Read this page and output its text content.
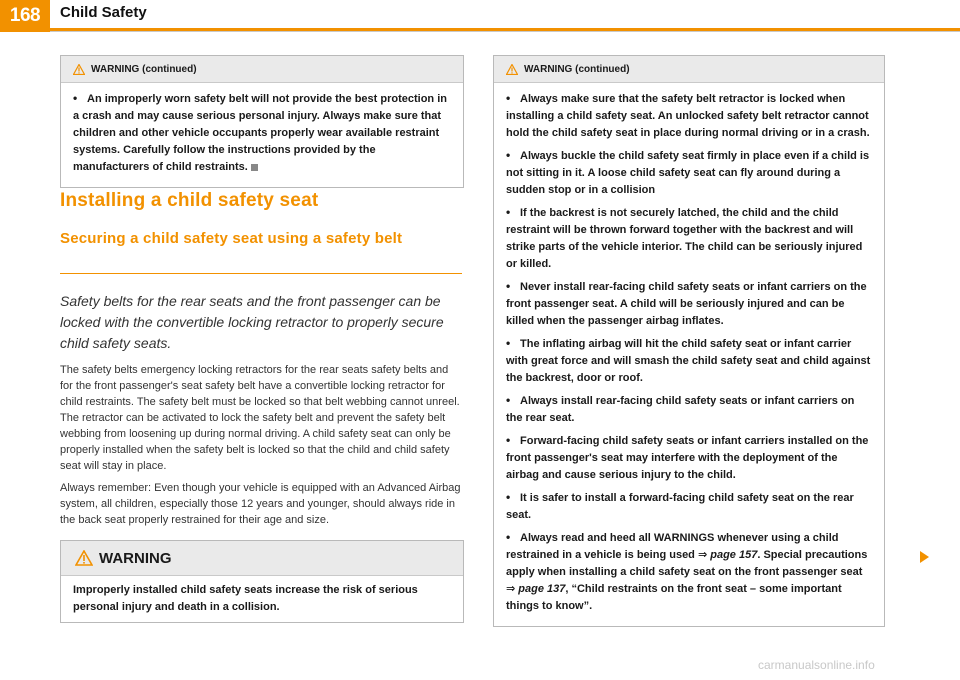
168	Child Safety
WARNING (continued)

• An improperly worn safety belt will not provide the best protection in a crash and may cause serious personal injury. Always make sure that children and other vehicle occupants properly wear available restraint systems. Carefully follow the instructions provided by the manufacturers of child restraints.

Installing a child safety seat
Securing a child safety seat using a safety belt
Safety belts for the rear seats and the front passenger can be locked with the convertible locking retractor to properly secure child safety seats.

The safety belts emergency locking retractors for the rear seats safety belts and for the front passenger's seat safety belt have a convertible locking retractor for child restraints. The safety belt must be locked so that belt webbing cannot unreel. The retractor can be activated to lock the safety belt and prevent the safety belt webbing from loosening up during normal driving. A child safety seat can only be properly installed when the safety belt is locked so that the child and child safety seat will stay in place.

Always remember: Even though your vehicle is equipped with an Advanced Airbag system, all children, especially those 12 years and younger, should always ride in the back seat properly restrained for their age and size.

WARNING
Improperly installed child safety seats increase the risk of serious personal injury and death in a collision.
WARNING (continued)

• Always make sure that the safety belt retractor is locked when installing a child safety seat. An unlocked safety belt retractor cannot hold the child safety seat in place during normal driving or in a crash.

• Always buckle the child safety seat firmly in place even if a child is not sitting in it. A loose child safety seat can fly around during a sudden stop or in a collision

• If the backrest is not securely latched, the child and the child restraint will be thrown forward together with the backrest and will strike parts of the vehicle interior. The child can be seriously injured or killed.

• Never install rear-facing child safety seats or infant carriers on the front passenger seat. A child will be seriously injured and can be killed when the passenger airbag inflates.

• The inflating airbag will hit the child safety seat or infant carrier with great force and will smash the child safety seat and child against the backrest, door or roof.

• Always install rear-facing child safety seats or infant carriers on the rear seat.

• Forward-facing child safety seats or infant carriers installed on the front passenger's seat may interfere with the deployment of the airbag and cause serious injury to the child.

• It is safer to install a forward-facing child safety seat on the rear seat.

• Always read and heed all WARNINGS whenever using a child restrained in a vehicle is being used ⇒ page 157. Special precautions apply when installing a child safety seat on the front passenger seat ⇒ page 137, “Child restraints on the front seat – some important things to know”.

carmanualsonline.info
